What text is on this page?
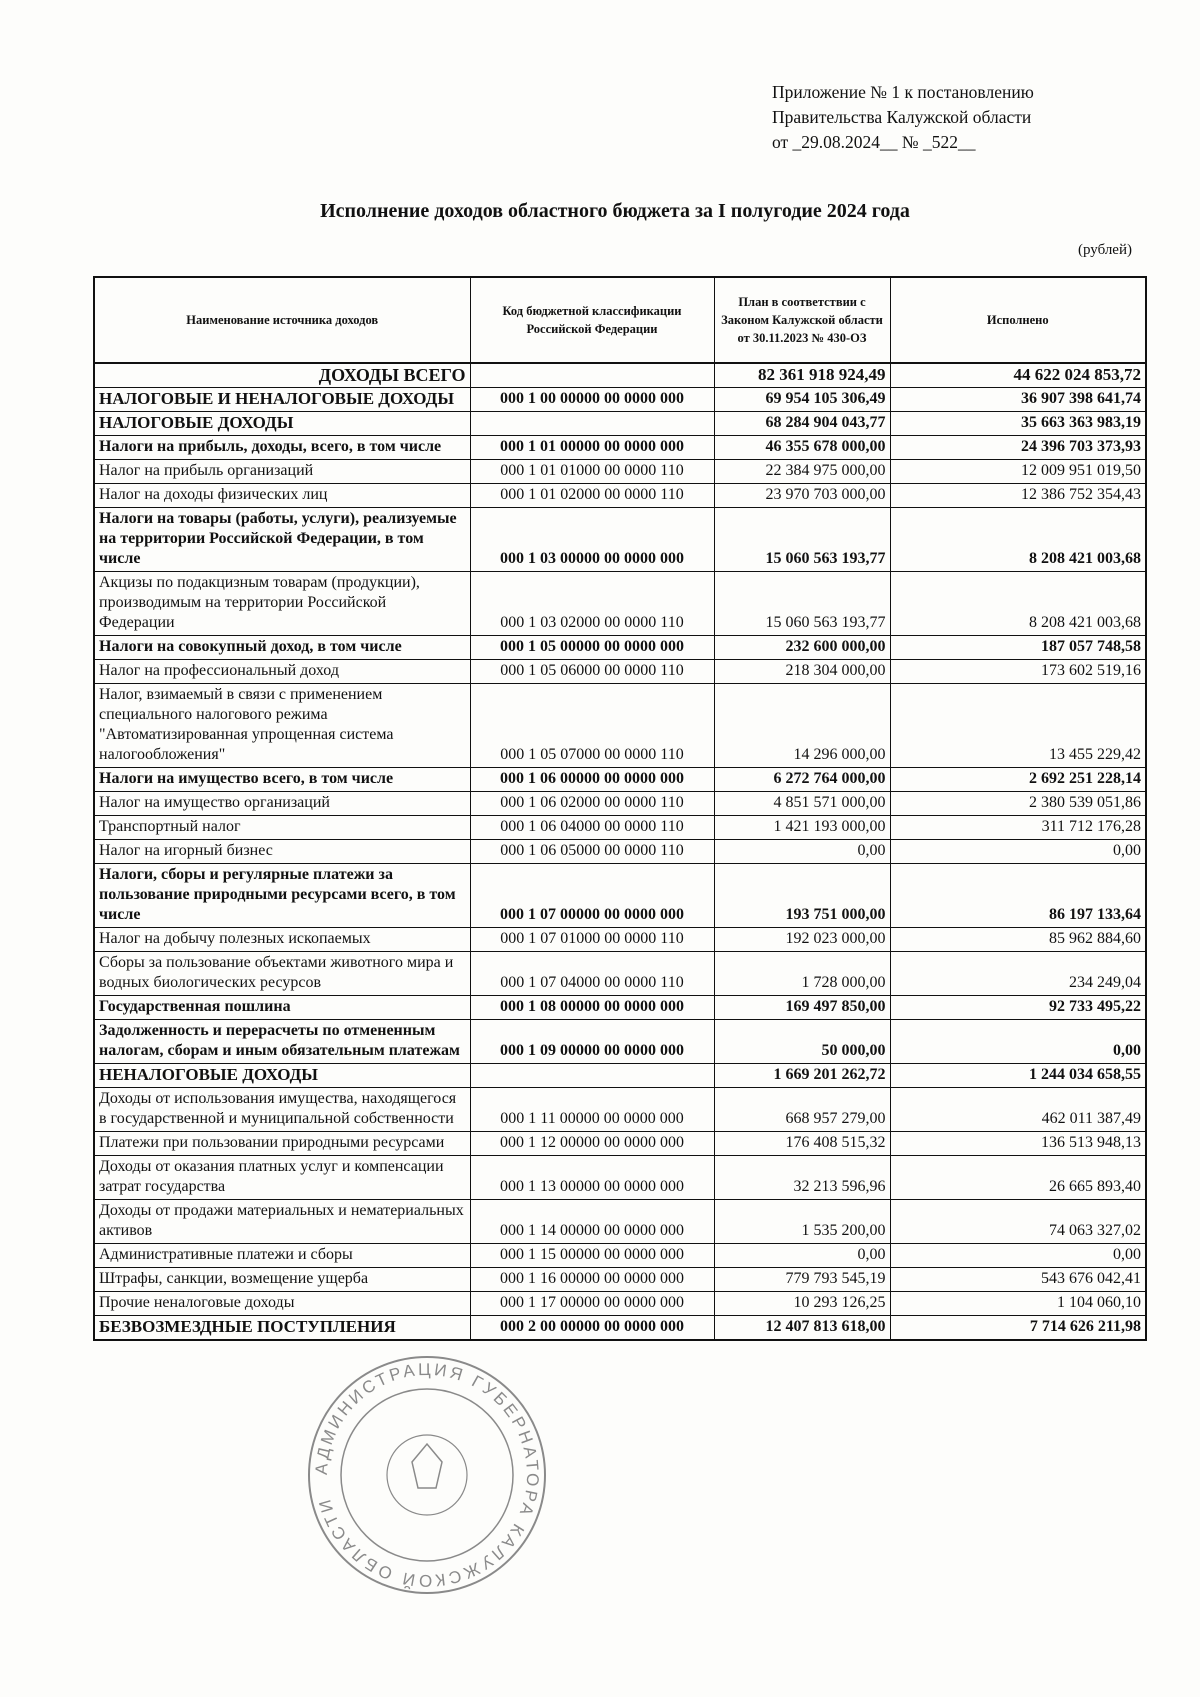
Приложение № 1 к постановлению
Правительства Калужской области
от _29.08.2024__ № _522__
Исполнение доходов областного бюджета за I полугодие 2024 года
(рублей)
Наименование источника доходов	Код бюджетной классификации Российской Федерации	План в соответствии с Законом Калужской области от 30.11.2023 № 430-ОЗ	Исполнено
ДОХОДЫ ВСЕГО		82 361 918 924,49	44 622 024 853,72
НАЛОГОВЫЕ И НЕНАЛОГОВЫЕ ДОХОДЫ	000 1 00 00000 00 0000 000	69 954 105 306,49	36 907 398 641,74
НАЛОГОВЫЕ ДОХОДЫ		68 284 904 043,77	35 663 363 983,19
Налоги на прибыль, доходы, всего, в том числе	000 1 01 00000 00 0000 000	46 355 678 000,00	24 396 703 373,93
Налог на прибыль организаций	000 1 01 01000 00 0000 110	22 384 975 000,00	12 009 951 019,50
Налог на доходы физических лиц	000 1 01 02000 00 0000 110	23 970 703 000,00	12 386 752 354,43
Налоги на товары (работы, услуги), реализуемые на территории Российской Федерации, в том числе	000 1 03 00000 00 0000 000	15 060 563 193,77	8 208 421 003,68
Акцизы по подакцизным товарам (продукции), производимым на территории Российской Федерации	000 1 03 02000 00 0000 110	15 060 563 193,77	8 208 421 003,68
Налоги на совокупный доход, в том числе	000 1 05 00000 00 0000 000	232 600 000,00	187 057 748,58
Налог на профессиональный доход	000 1 05 06000 00 0000 110	218 304 000,00	173 602 519,16
Налог, взимаемый в связи с применением специального налогового режима "Автоматизированная упрощенная система налогообложения"	000 1 05 07000 00 0000 110	14 296 000,00	13 455 229,42
Налоги на имущество всего, в том числе	000 1 06 00000 00 0000 000	6 272 764 000,00	2 692 251 228,14
Налог на имущество организаций	000 1 06 02000 00 0000 110	4 851 571 000,00	2 380 539 051,86
Транспортный налог	000 1 06 04000 00 0000 110	1 421 193 000,00	311 712 176,28
Налог на игорный бизнес	000 1 06 05000 00 0000 110	0,00	0,00
Налоги, сборы и регулярные платежи за пользование природными ресурсами всего, в том числе	000 1 07 00000 00 0000 000	193 751 000,00	86 197 133,64
Налог на добычу полезных ископаемых	000 1 07 01000 00 0000 110	192 023 000,00	85 962 884,60
Сборы за пользование объектами животного мира и водных биологических ресурсов	000 1 07 04000 00 0000 110	1 728 000,00	234 249,04
Государственная пошлина	000 1 08 00000 00 0000 000	169 497 850,00	92 733 495,22
Задолженность и перерасчеты по отмененным налогам, сборам и иным обязательным платежам	000 1 09 00000 00 0000 000	50 000,00	0,00
НЕНАЛОГОВЫЕ ДОХОДЫ		1 669 201 262,72	1 244 034 658,55
Доходы от использования имущества, находящегося в государственной и муниципальной собственности	000 1 11 00000 00 0000 000	668 957 279,00	462 011 387,49
Платежи при пользовании природными ресурсами	000 1 12 00000 00 0000 000	176 408 515,32	136 513 948,13
Доходы от оказания платных услуг и компенсации затрат государства	000 1 13 00000 00 0000 000	32 213 596,96	26 665 893,40
Доходы от продажи материальных и нематериальных активов	000 1 14 00000 00 0000 000	1 535 200,00	74 063 327,02
Административные платежи и сборы	000 1 15 00000 00 0000 000	0,00	0,00
Штрафы, санкции, возмещение ущерба	000 1 16 00000 00 0000 000	779 793 545,19	543 676 042,41
Прочие неналоговые доходы	000 1 17 00000 00 0000 000	10 293 126,25	1 104 060,10
БЕЗВОЗМЕЗДНЫЕ ПОСТУПЛЕНИЯ	000 2 00 00000 00 0000 000	12 407 813 618,00	7 714 626 211,98
АДМИНИСТРАЦИЯ ГУБЕРНАТОРА КАЛУЖСКОЙ ОБЛАСТИ
